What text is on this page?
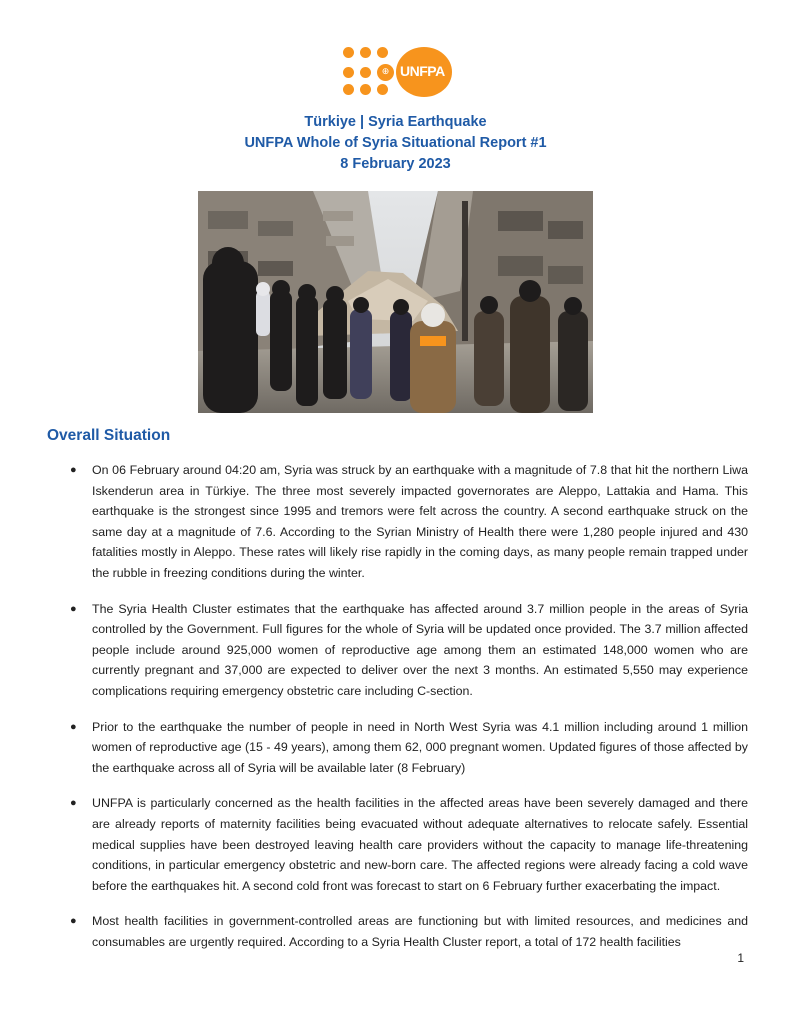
⊕ UNFPA
Türkiye | Syria Earthquake
UNFPA Whole of Syria Situational Report #1
8 February 2023
Overall Situation
● On 06 February around 04:20 am, Syria was struck by an earthquake with a magnitude of 7.8 that hit the northern Liwa Iskenderun area in Türkiye. The three most severely impacted governorates are Aleppo, Lattakia and Hama. This earthquake is the strongest since 1995 and tremors were felt across the country. A second earthquake struck on the same day at a magnitude of 7.6. According to the Syrian Ministry of Health there were 1,280 people injured and 430 fatalities mostly in Aleppo. These rates will likely rise rapidly in the coming days, as many people remain trapped under the rubble in freezing conditions during the winter.
● The Syria Health Cluster estimates that the earthquake has affected around 3.7 million people in the areas of Syria controlled by the Government. Full figures for the whole of Syria will be updated once provided. The 3.7 million affected people include around 925,000 women of reproductive age among them an estimated 148,000 women who are currently pregnant and 37,000 are expected to deliver over the next 3 months. An estimated 5,550 may experience complications requiring emergency obstetric care including C-section.
● Prior to the earthquake the number of people in need in North West Syria was 4.1 million including around 1 million women of reproductive age (15 - 49 years), among them 62, 000 pregnant women. Updated figures of those affected by the earthquake across all of Syria will be available later (8 February)
● UNFPA is particularly concerned as the health facilities in the affected areas have been severely damaged and there are already reports of maternity facilities being evacuated without adequate alternatives to relocate safely. Essential medical supplies have been destroyed leaving health care providers without the capacity to manage life-threatening conditions, in particular emergency obstetric and new-born care. The affected regions were already facing a cold wave before the earthquakes hit. A second cold front was forecast to start on 6 February further exacerbating the impact.
● Most health facilities in government-controlled areas are functioning but with limited resources, and medicines and consumables are urgently required. According to a Syria Health Cluster report, a total of 172 health facilities
1
